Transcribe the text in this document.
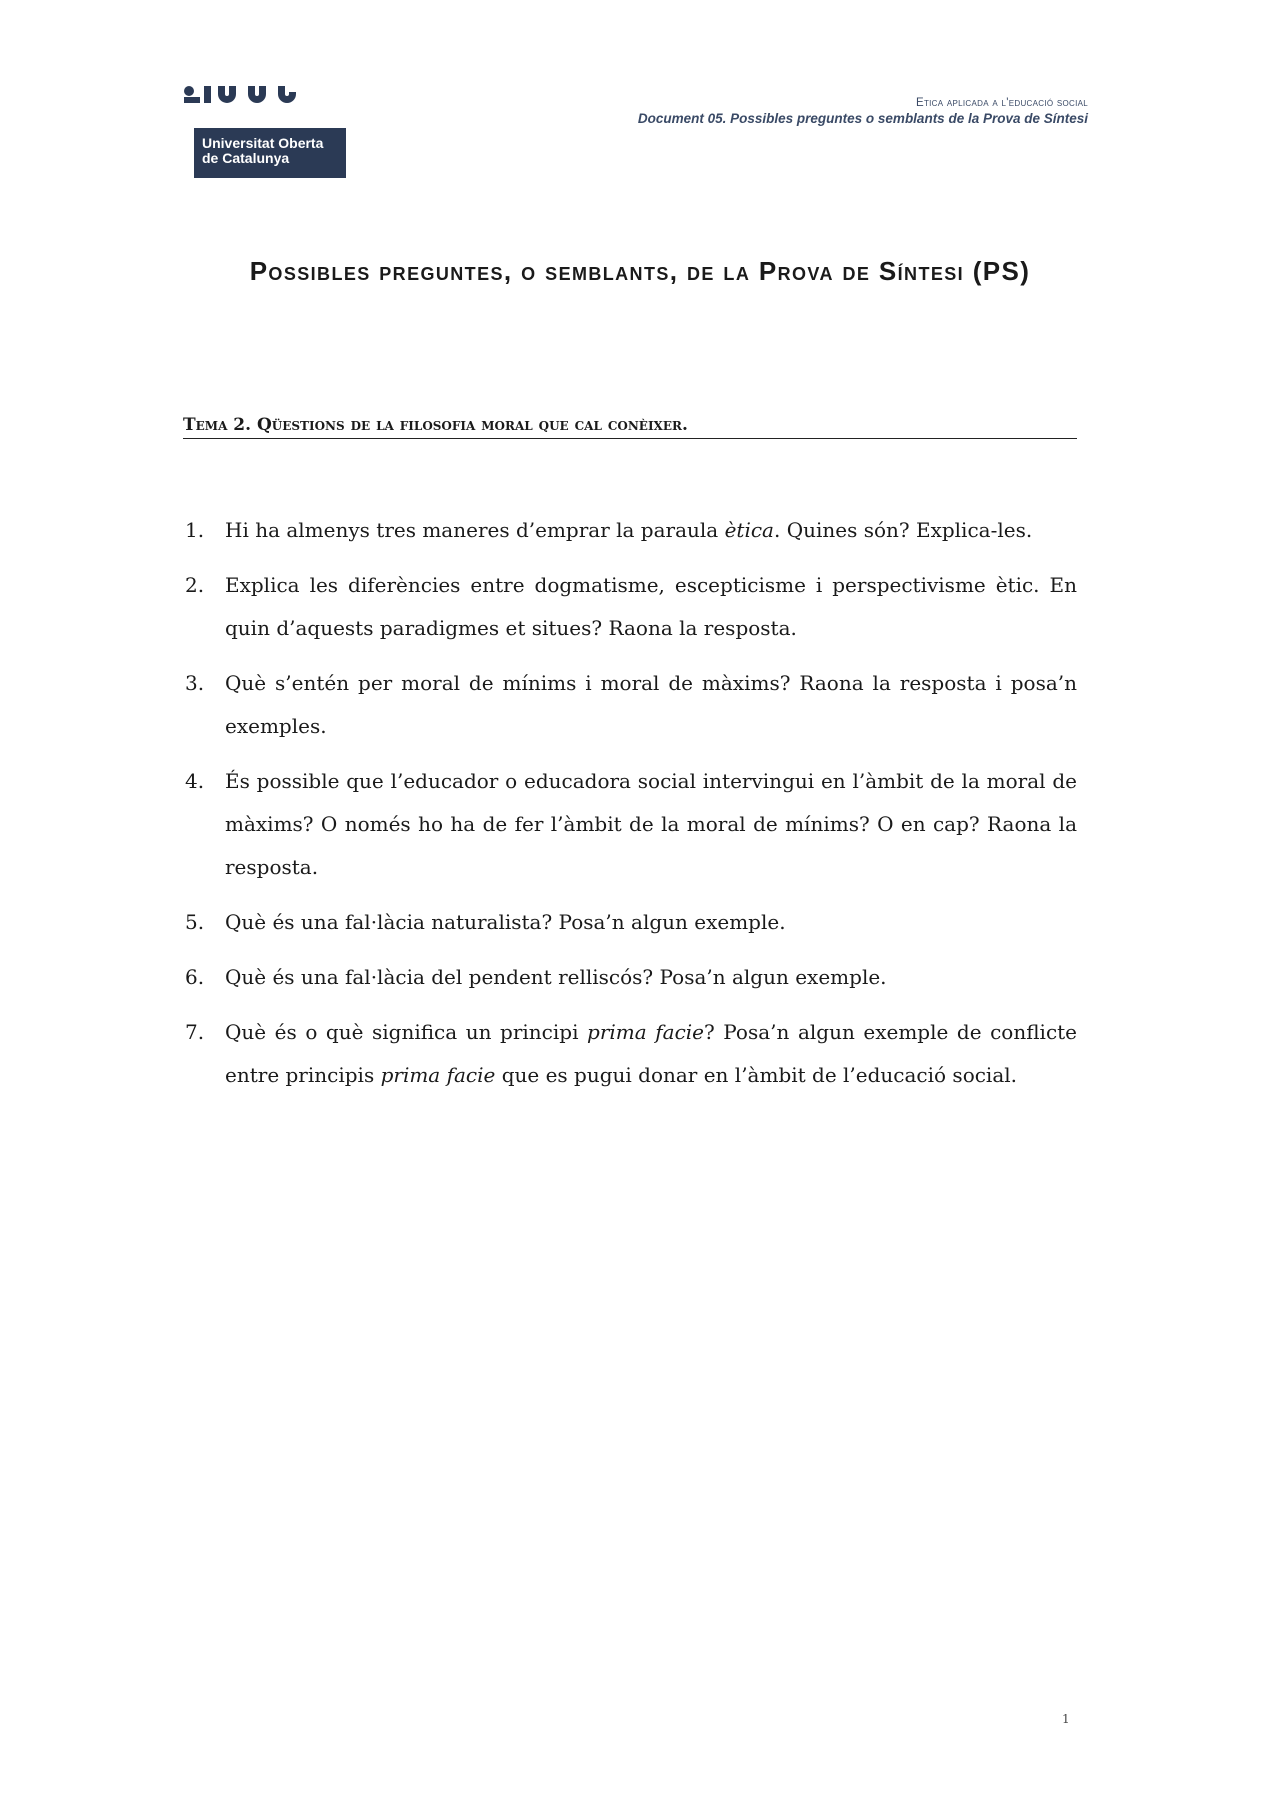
Universitat Oberta
de Catalunya
Etica aplicada a l'educació social
Document 05. Possibles preguntes o semblants de la Prova de Síntesi
Possibles preguntes, o semblants, de la Prova de Síntesi (PS)
Tema 2. Qüestions de la filosofia moral que cal conèixer.
1. Hi ha almenys tres maneres d’emprar la paraula ètica. Quines són? Explica-les.
2. Explica les diferències entre dogmatisme, escepticisme i perspectivisme ètic. En quin d’aquests paradigmes et situes? Raona la resposta.
3. Què s’entén per moral de mínims i moral de màxims? Raona la resposta i posa’n exemples.
4. És possible que l’educador o educadora social intervingui en l’àmbit de la moral de màxims? O només ho ha de fer l’àmbit de la moral de mínims? O en cap? Raona la resposta.
5. Què és una fal·làcia naturalista? Posa’n algun exemple.
6. Què és una fal·làcia del pendent relliscós? Posa’n algun exemple.
7. Què és o què significa un principi prima facie? Posa’n algun exemple de conflicte entre principis prima facie que es pugui donar en l’àmbit de l’educació social.
1
